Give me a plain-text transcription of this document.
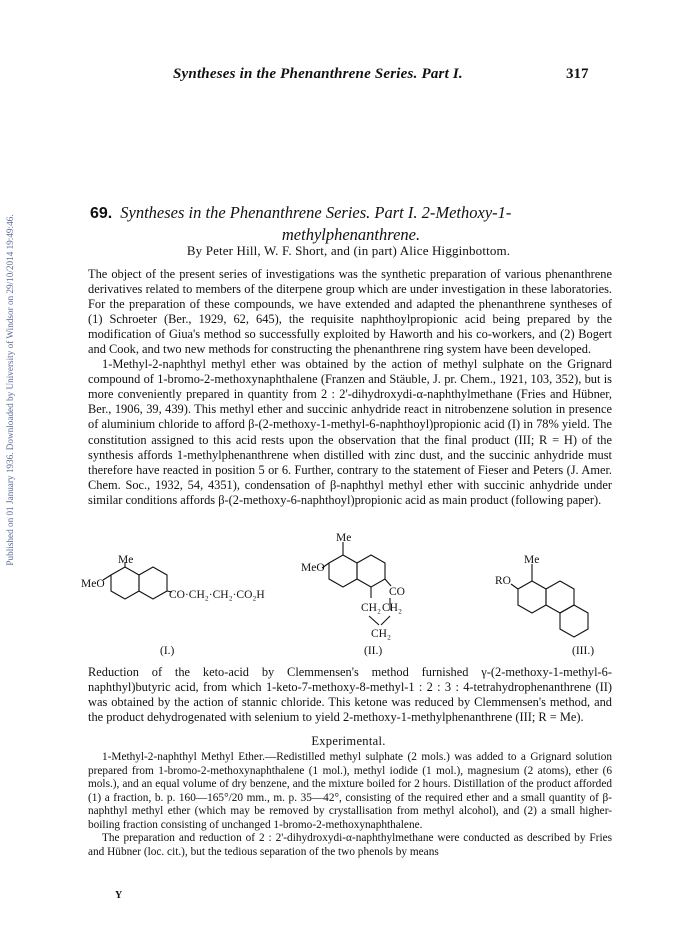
Published on 01 January 1936. Downloaded by University of Windsor on 29/10/2014 19:49:46.
Syntheses in the Phenanthrene Series. Part I.	317
69. Syntheses in the Phenanthrene Series. Part I. 2-Methoxy-1-
methylphenanthrene.
By Peter Hill, W. F. Short, and (in part) Alice Higginbottom.

The object of the present series of investigations was the synthetic preparation of various phenanthrene derivatives related to members of the diterpene group which are under investigation in these laboratories. For the preparation of these compounds, we have extended and adapted the phenanthrene syntheses of (1) Schroeter (Ber., 1929, 62, 645), the requisite naphthoylpropionic acid being prepared by the modification of Giua's method so successfully exploited by Haworth and his co-workers, and (2) Bogert and Cook, and two new methods for constructing the phenanthrene ring system have been developed.

1-Methyl-2-naphthyl methyl ether was obtained by the action of methyl sulphate on the Grignard compound of 1-bromo-2-methoxynaphthalene (Franzen and Stäuble, J. pr. Chem., 1921, 103, 352), but is more conveniently prepared in quantity from 2 : 2'-dihydroxydi-α-naphthylmethane (Fries and Hübner, Ber., 1906, 39, 439). This methyl ether and succinic anhydride react in nitrobenzene solution in presence of aluminium chloride to afford β-(2-methoxy-1-methyl-6-naphthoyl)propionic acid (I) in 78% yield. The constitution assigned to this acid rests upon the observation that the final product (III; R = H) of the synthesis affords 1-methylphenanthrene when distilled with zinc dust, and the succinic anhydride must therefore have reacted in position 5 or 6. Further, contrary to the statement of Fieser and Peters (J. Amer. Chem. Soc., 1932, 54, 4351), condensation of β-naphthyl methyl ether with succinic anhydride under similar conditions affords β-(2-methoxy-6-naphthoyl)propionic acid as main product (following paper).

Me
MeO
CO·CH₂·CH₂·CO₂H
(I.)
Me
MeO
CO
CH₂ CH₂
CH₂
(II.)
Me
RO
(III.)

Reduction of the keto-acid by Clemmensen's method furnished γ-(2-methoxy-1-methyl-6-naphthyl)butyric acid, from which 1-keto-7-methoxy-8-methyl-1 : 2 : 3 : 4-tetrahydrophenanthrene (II) was obtained by the action of stannic chloride. This ketone was reduced by Clemmensen's method, and the product dehydrogenated with selenium to yield 2-methoxy-1-methylphenanthrene (III; R = Me).

Experimental.

1-Methyl-2-naphthyl Methyl Ether.—Redistilled methyl sulphate (2 mols.) was added to a Grignard solution prepared from 1-bromo-2-methoxynaphthalene (1 mol.), methyl iodide (1 mol.), magnesium (2 atoms), ether (6 mols.), and an equal volume of dry benzene, and the mixture boiled for 2 hours. Distillation of the product afforded (1) a fraction, b. p. 160—165°/20 mm., m. p. 35—42°, consisting of the required ether and a small quantity of β-naphthyl methyl ether (which may be removed by crystallisation from methyl alcohol), and (2) a small higher-boiling fraction consisting of unchanged 1-bromo-2-methoxynaphthalene.

The preparation and reduction of 2 : 2'-dihydroxydi-α-naphthylmethane were conducted as described by Fries and Hübner (loc. cit.), but the tedious separation of the two phenols by means

Y
